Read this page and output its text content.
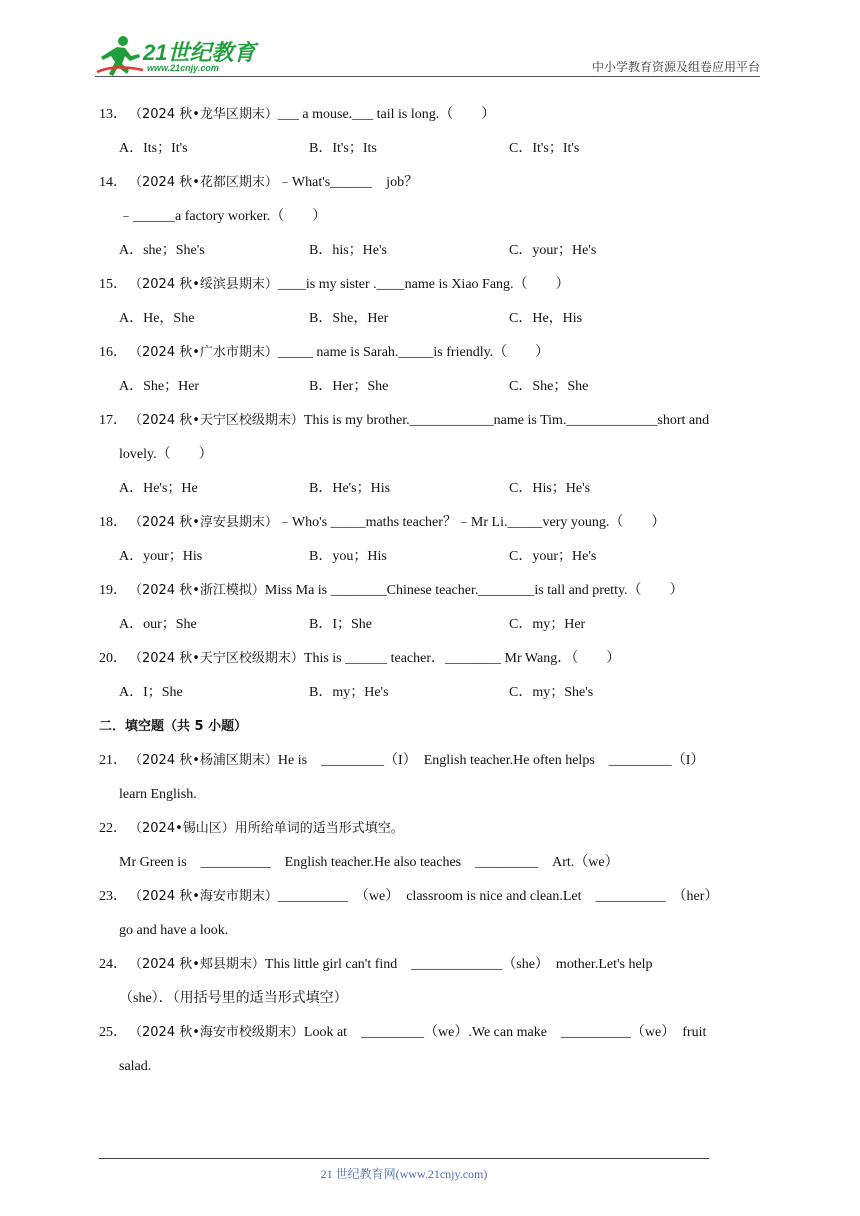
21世纪教育
www.21cnjy.com	中小学教育资源及组卷应用平台
13． （2024 秋•龙华区期末）___ a mouse.___ tail is long.（　　）
A．Its；It's	B．It's；Its	C．It's；It's
14． （2024 秋•花都区期末）﹣What's______　job？
﹣______a factory worker.（　　）
A．she；She's	B．his；He's	C．your；He's
15． （2024 秋•绥滨县期末）____is my sister .____name is Xiao Fang.（　　）
A．He，She	B．She，Her	C．He，His
16． （2024 秋•广水市期末）_____ name is Sarah._____is friendly.（　　）
A．She；Her	B．Her；She	C．She；She
17． （2024 秋•天宁区校级期末）This is my brother.____________name is Tim._____________short and
lovely.（　　）
A．He's；He	B．He's；His	C．His；He's
18． （2024 秋•淳安县期末）﹣Who's _____maths teacher？﹣Mr Li._____very young.（　　）
A．your；His	B．you；His	C．your；He's
19． （2024 秋•浙江模拟）Miss Ma is ________Chinese teacher.________is tall and pretty.（　　）
A．our；She	B．I；She	C．my；Her
20． （2024 秋•天宁区校级期末）This is ______ teacher．________ Mr Wang．（　　）
A．I；She	B．my；He's	C．my；She's
二．填空题（共 5 小题）
21． （2024 秋•杨浦区期末）He is　_________（I）　English teacher.He often helps　_________（I）
learn English.
22． （2024•锡山区）用所给单词的适当形式填空。
Mr Green is　__________　English teacher.He also teaches　_________　Art.（we）
23． （2024 秋•海安市期末）__________　（we）　classroom is nice and clean.Let　__________　（her）
go and have a look.
24． （2024 秋•郏县期末）This little girl can't find　_____________（she）　mother.Let's help
（she）．（用括号里的适当形式填空）
25． （2024 秋•海安市校级期末）Look at　_________（we）.We can make　__________（we）　fruit
salad.
21 世纪教育网(www.21cnjy.com)
